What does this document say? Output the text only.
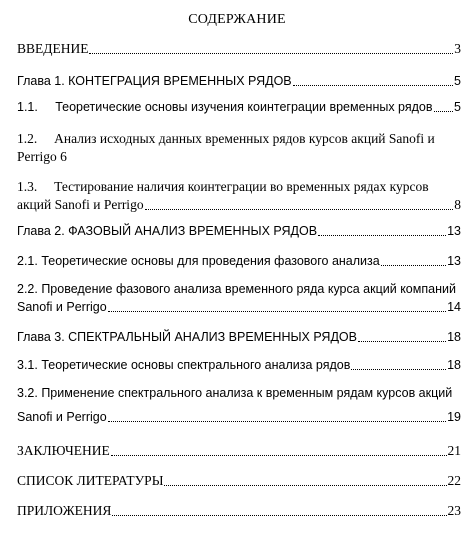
СОДЕРЖАНИЕ
ВВЕДЕНИЕ	3
Глава 1. КОНТЕГРАЦИЯ ВРЕМЕННЫХ РЯДОВ	5
1.1.     Теоретические основы изучения коинтеграции временных рядов 5
1.2.     Анализ исходных данных временных рядов курсов акций Sanofi и
Perrigo 6
1.3.     Тестирование наличия коинтеграции во временных рядах курсов
акций Sanofi и Perrigo	8
Глава 2. ФАЗОВЫЙ АНАЛИЗ ВРЕМЕННЫХ РЯДОВ	13
2.1. Теоретические основы для проведения фазового анализа	13
2.2. Проведение фазового анализа временного ряда курса акций компаний
Sanofi и Perrigo	14
Глава 3. СПЕКТРАЛЬНЫЙ АНАЛИЗ ВРЕМЕННЫХ РЯДОВ	18
3.1. Теоретические основы спектрального анализа рядов	18
3.2. Применение спектрального анализа к временным рядам курсов акций
Sanofi и Perrigo	19
ЗАКЛЮЧЕНИЕ	21
СПИСОК ЛИТЕРАТУРЫ	22
ПРИЛОЖЕНИЯ	23
